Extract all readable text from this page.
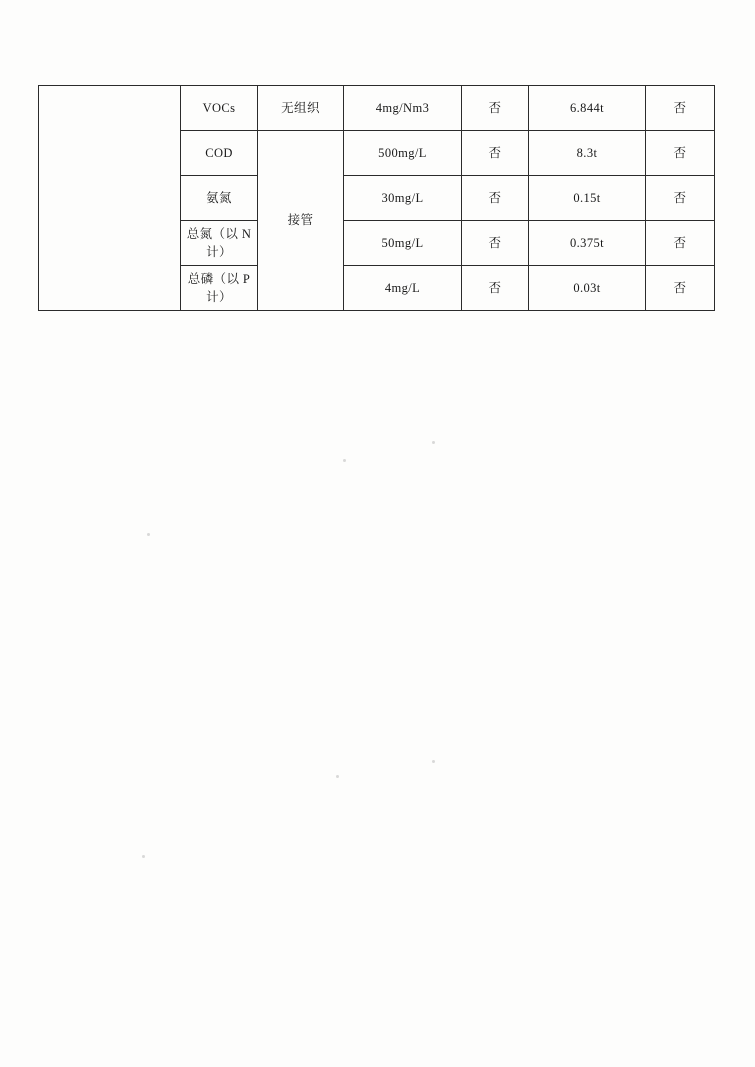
	VOCs	无组织	4mg/Nm3	否	6.844t	否
	COD	接管	500mg/L	否	8.3t	否
	氨氮		30mg/L	否	0.15t	否
	总氮（以 N 计）		50mg/L	否	0.375t	否
	总磷（以 P 计）		4mg/L	否	0.03t	否
